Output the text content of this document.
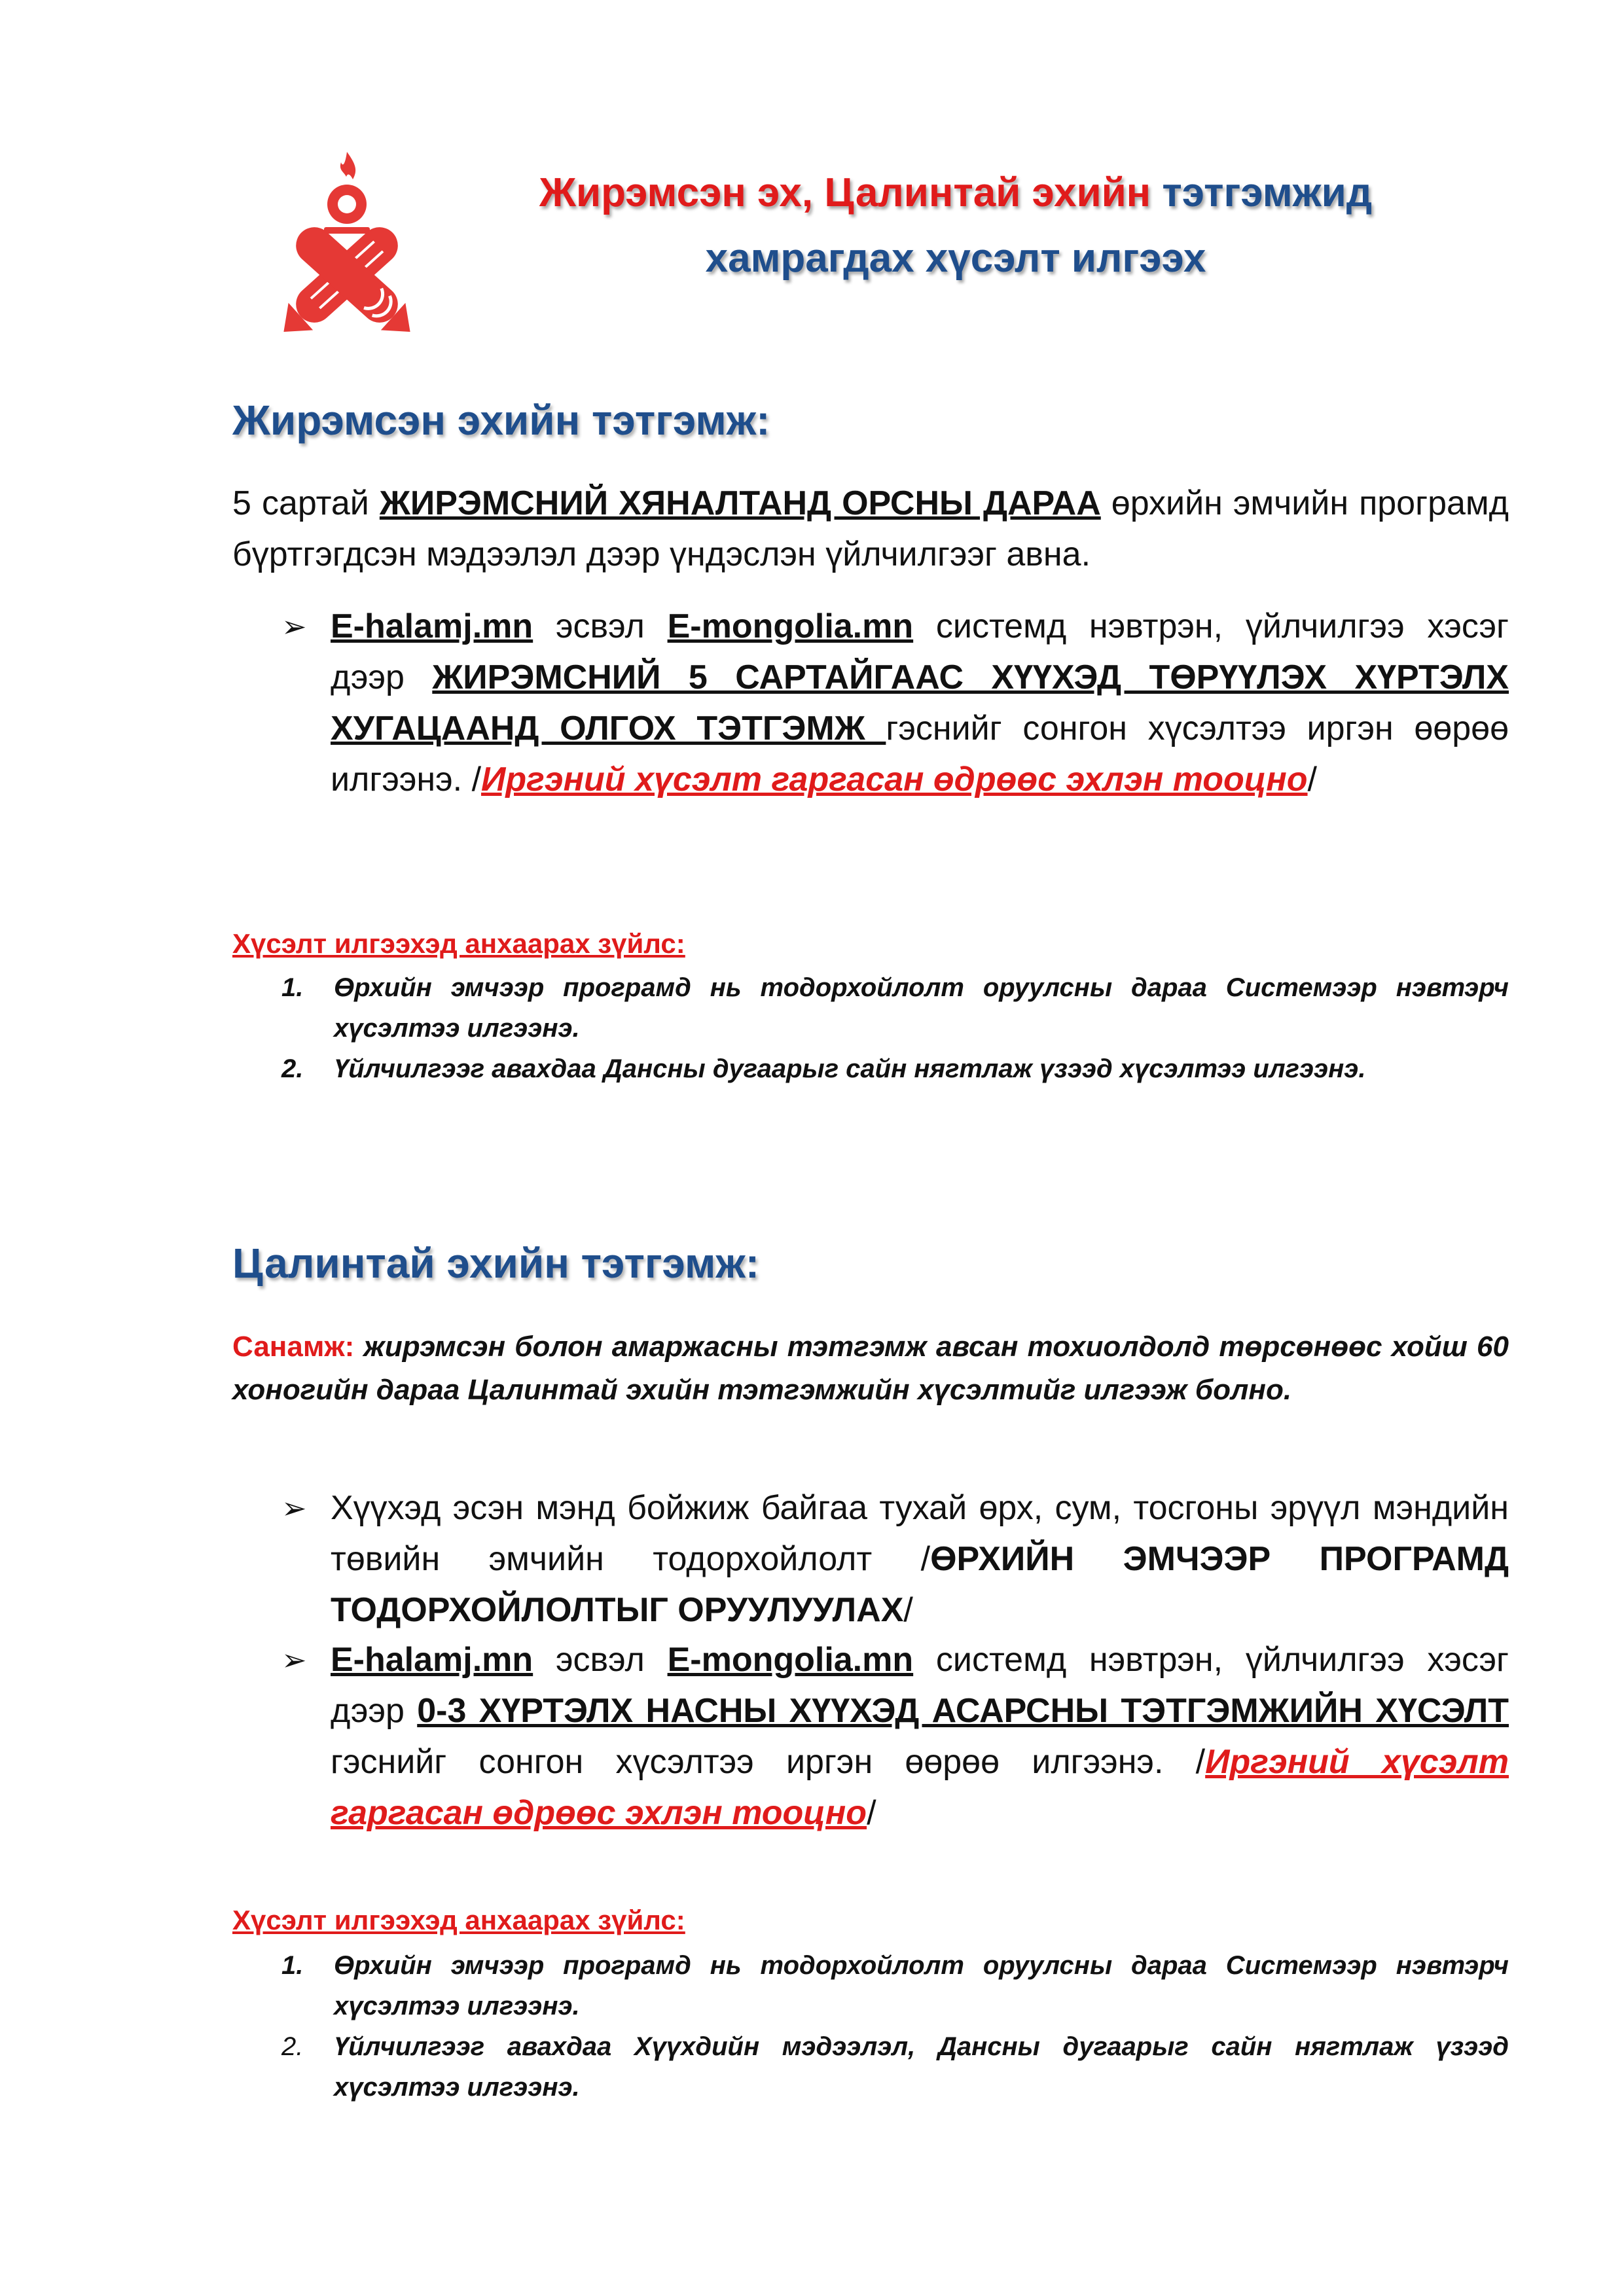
Жирэмсэн эх, Цалинтай эхийн тэтгэмжид
хамрагдах хүсэлт илгээх
Жирэмсэн эхийн тэтгэмж:
5 сартай ЖИРЭМСНИЙ ХЯНАЛТАНД ОРСНЫ ДАРАА өрхийн эмчийн програмд бүртгэгдсэн мэдээлэл дээр үндэслэн үйлчилгээг авна.
➢ E-halamj.mn эсвэл E-mongolia.mn системд нэвтрэн, үйлчилгээ хэсэг дээр ЖИРЭМСНИЙ 5 САРТАЙГААС ХҮҮХЭД ТӨРҮҮЛЭХ ХҮРТЭЛХ ХУГАЦААНД ОЛГОХ ТЭТГЭМЖ гэснийг сонгон хүсэлтээ иргэн өөрөө илгээнэ. /Иргэний хүсэлт гаргасан өдрөөс эхлэн тооцно/
Хүсэлт илгээхэд анхаарах зүйлс:
1. Өрхийн эмчээр програмд нь тодорхойлолт оруулсны дараа Системээр нэвтэрч хүсэлтээ илгээнэ.
2. Үйлчилгээг авахдаа Дансны дугаарыг сайн нягтлаж үзээд хүсэлтээ илгээнэ.
Цалинтай эхийн тэтгэмж:
Санамж: жирэмсэн болон амаржасны тэтгэмж авсан тохиолдолд төрсөнөөс хойш 60 хоногийн дараа Цалинтай эхийн тэтгэмжийн хүсэлтийг илгээж болно.
➢ Хүүхэд эсэн мэнд бойжиж байгаа тухай өрх, сум, тосгоны эрүүл мэндийн төвийн эмчийн тодорхойлолт /ӨРХИЙН ЭМЧЭЭР ПРОГРАМД ТОДОРХОЙЛОЛТЫГ ОРУУЛУУЛАХ/
➢ E-halamj.mn эсвэл E-mongolia.mn системд нэвтрэн, үйлчилгээ хэсэг дээр 0-3 ХҮРТЭЛХ НАСНЫ ХҮҮХЭД АСАРСНЫ ТЭТГЭМЖИЙН ХҮСЭЛТ гэснийг сонгон хүсэлтээ иргэн өөрөө илгээнэ. /Иргэний хүсэлт гаргасан өдрөөс эхлэн тооцно/
Хүсэлт илгээхэд анхаарах зүйлс:
1. Өрхийн эмчээр програмд нь тодорхойлолт оруулсны дараа Системээр нэвтэрч хүсэлтээ илгээнэ.
2. Үйлчилгээг авахдаа Хүүхдийн мэдээлэл, Дансны дугаарыг сайн нягтлаж үзээд хүсэлтээ илгээнэ.
